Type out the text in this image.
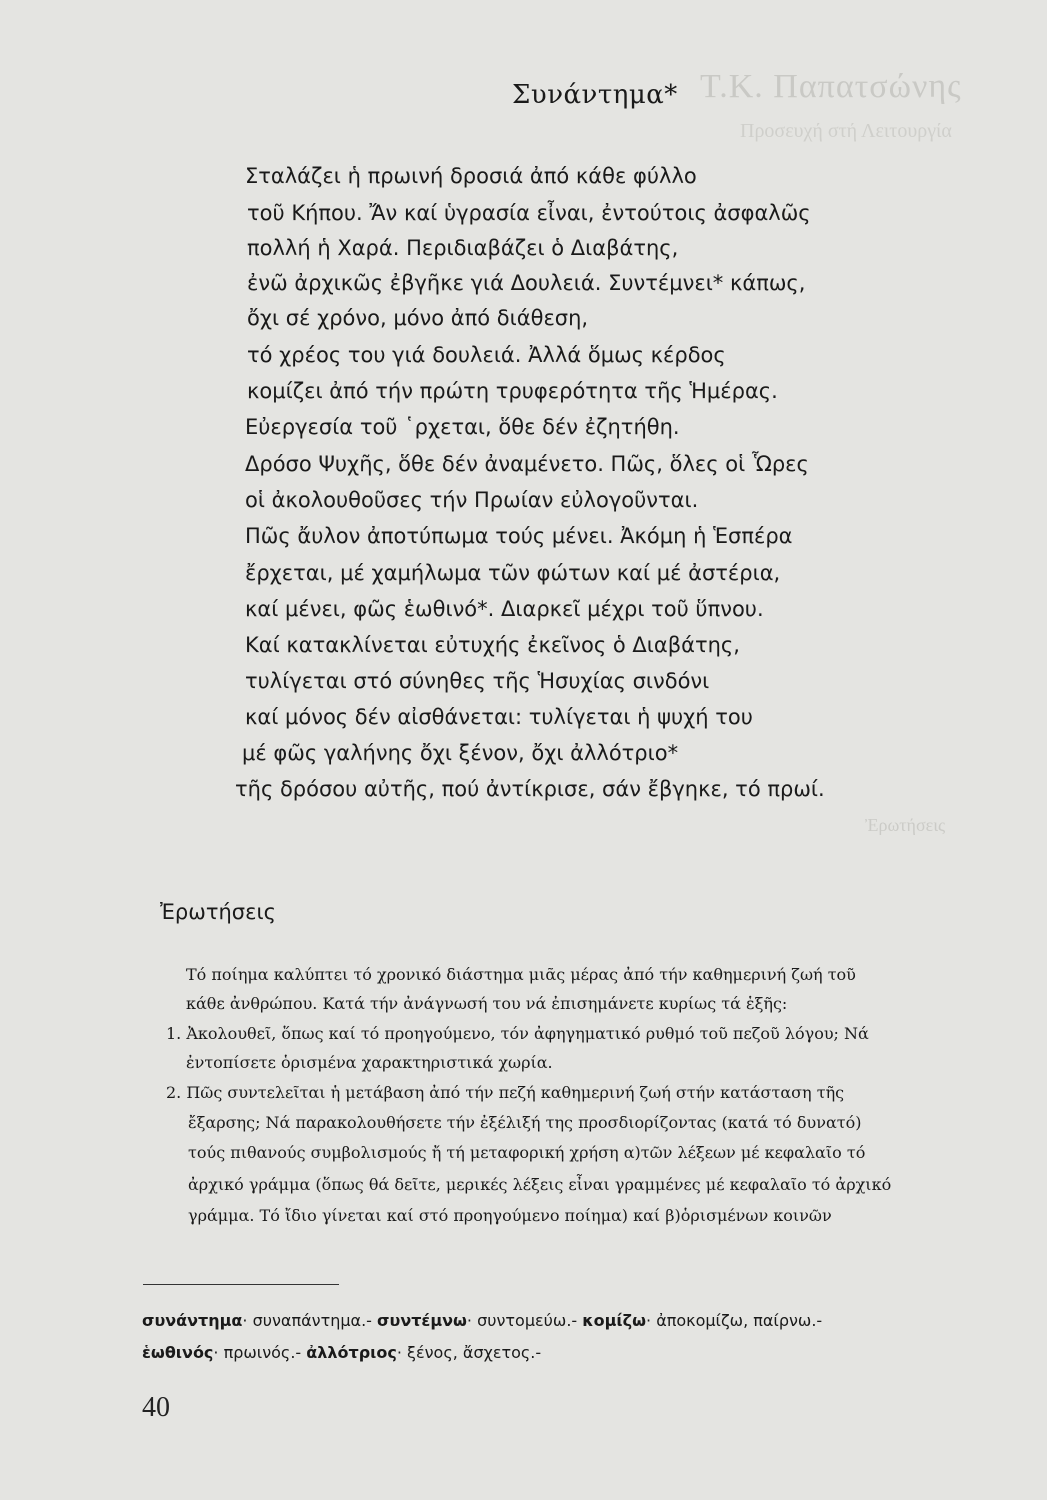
Τ.Κ. Παπατσώνης
Προσευχή στή Λειτουργία
Ἐρωτήσεις
Συνάντημα*
Σταλάζει ἡ πρωινή δροσιά ἀπό κάθε φύλλο
τοῦ Κήπου. Ἄν καί ὑγρασία εἶναι, ἐντούτοις ἀσφαλῶς
πολλή ἡ Χαρά. Περιδιαβάζει ὁ Διαβάτης,
ἐνῶ ἀρχικῶς ἐβγῆκε γιά Δουλειά. Συντέμνει* κάπως,
ὄχι σέ χρόνο, μόνο ἀπό διάθεση,
τό χρέος του γιά δουλειά. Ἀλλά ὅμως κέρδος
κομίζει ἀπό τήν πρώτη τρυφερότητα τῆς Ἡμέρας.
Εὐεργεσία τοῦ ῾ρχεται, ὅθε δέν ἐζητήθη.
Δρόσο Ψυχῆς, ὅθε δέν ἀναμένετο. Πῶς, ὅλες οἱ Ὧρες
οἱ ἀκολουθοῦσες τήν Πρωίαν εὐλογοῦνται.
Πῶς ἄυλον ἀποτύπωμα τούς μένει. Ἀκόμη ἡ Ἑσπέρα
ἔρχεται, μέ χαμήλωμα τῶν φώτων καί μέ ἀστέρια,
καί μένει, φῶς ἑωθινό*. Διαρκεῖ μέχρι τοῦ ὕπνου.
Καί κατακλίνεται εὐτυχής ἐκεῖνος ὁ Διαβάτης,
τυλίγεται στό σύνηθες τῆς Ἡσυχίας σινδόνι
καί μόνος δέν αἰσθάνεται: τυλίγεται ἡ ψυχή του
μέ φῶς γαλήνης ὄχι ξένον, ὄχι ἀλλότριο*
τῆς δρόσου αὐτῆς, πού ἀντίκρισε, σάν ἔβγηκε, τό πρωί.
Ἐρωτήσεις
Τό ποίημα καλύπτει τό χρονικό διάστημα μιᾶς μέρας ἀπό τήν καθημερινή ζωή τοῦ
κάθε ἀνθρώπου. Κατά τήν ἀνάγνωσή του νά ἐπισημάνετε κυρίως τά ἑξῆς:
1. Ἀκολουθεῖ, ὅπως καί τό προηγούμενο, τόν ἀφηγηματικό ρυθμό τοῦ πεζοῦ λόγου; Νά
ἐντοπίσετε ὁρισμένα χαρακτηριστικά χωρία.
2. Πῶς συντελεῖται ἡ μετάβαση ἀπό τήν πεζή καθημερινή ζωή στήν κατάσταση τῆς
ἔξαρσης; Νά παρακολουθήσετε τήν ἐξέλιξή της προσδιορίζοντας (κατά τό δυνατό)
τούς πιθανούς συμβολισμούς ἤ τή μεταφορική χρήση α)τῶν λέξεων μέ κεφαλαῖο τό
ἀρχικό γράμμα (ὅπως θά δεῖτε, μερικές λέξεις εἶναι γραμμένες μέ κεφαλαῖο τό ἀρχικό
γράμμα. Τό ἴδιο γίνεται καί στό προηγούμενο ποίημα) καί β)ὁρισμένων κοινῶν
συνάντημα· συναπάντημα.- συντέμνω· συντομεύω.- κομίζω· ἀποκομίζω, παίρνω.-
ἑωθινός· πρωινός.- ἀλλότριος· ξένος, ἄσχετος.-
40
